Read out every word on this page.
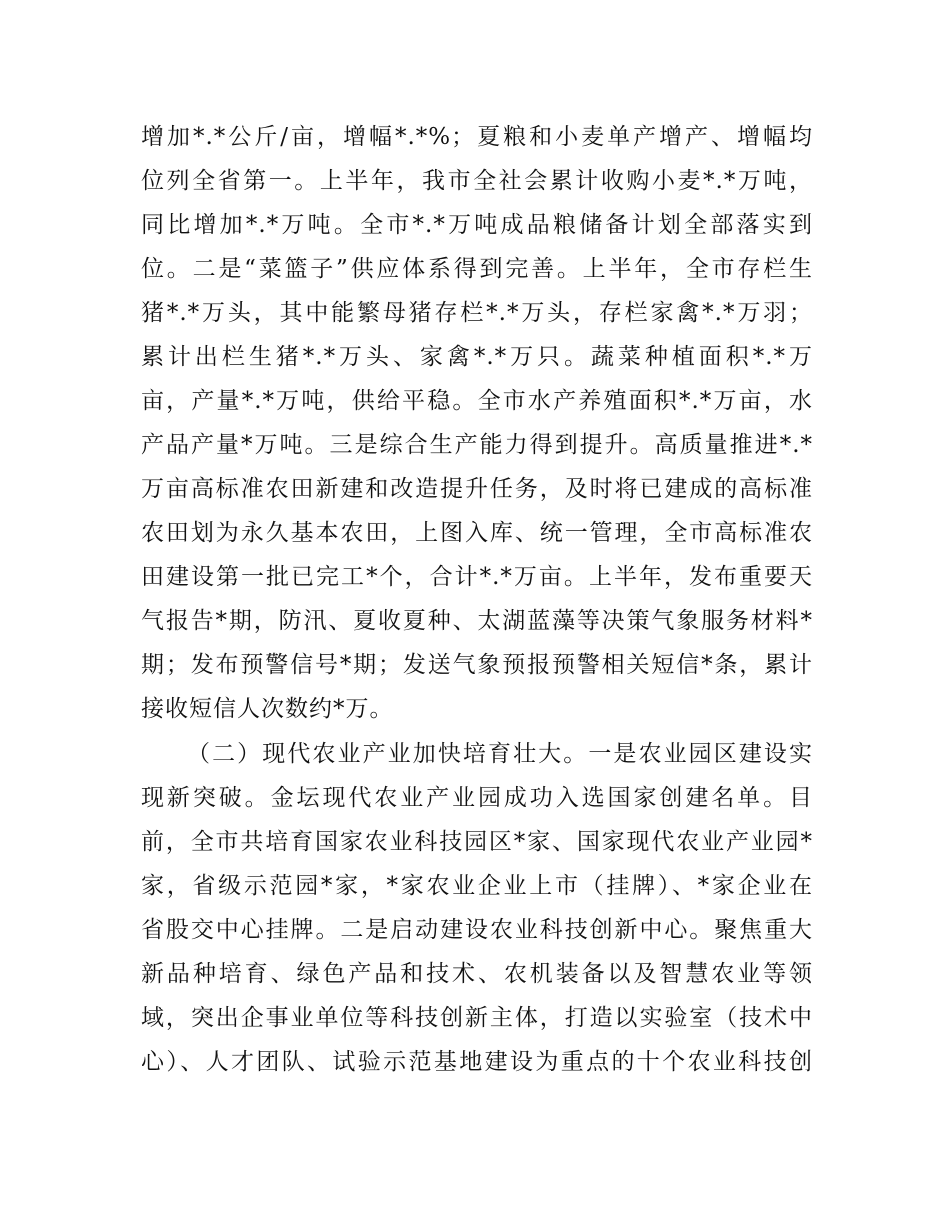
增加*.*公斤/亩，增幅*.*%；夏粮和小麦单产增产、增幅均
位列全省第一。上半年，我市全社会累计收购小麦*.*万吨，
同比增加*.*万吨。全市*.*万吨成品粮储备计划全部落实到
位。二是“菜篮子”供应体系得到完善。上半年，全市存栏生
猪*.*万头，其中能繁母猪存栏*.*万头，存栏家禽*.*万羽；
累计出栏生猪*.*万头、家禽*.*万只。蔬菜种植面积*.*万
亩，产量*.*万吨，供给平稳。全市水产养殖面积*.*万亩，水
产品产量*万吨。三是综合生产能力得到提升。高质量推进*.*
万亩高标准农田新建和改造提升任务，及时将已建成的高标准
农田划为永久基本农田，上图入库、统一管理，全市高标准农
田建设第一批已完工*个，合计*.*万亩。上半年，发布重要天
气报告*期，防汛、夏收夏种、太湖蓝藻等决策气象服务材料*
期；发布预警信号*期；发送气象预报预警相关短信*条，累计
接收短信人次数约*万。
（二）现代农业产业加快培育壮大。一是农业园区建设实
现新突破。金坛现代农业产业园成功入选国家创建名单。目
前，全市共培育国家农业科技园区*家、国家现代农业产业园*
家，省级示范园*家，*家农业企业上市（挂牌）、*家企业在
省股交中心挂牌。二是启动建设农业科技创新中心。聚焦重大
新品种培育、绿色产品和技术、农机装备以及智慧农业等领
域，突出企事业单位等科技创新主体，打造以实验室（技术中
心）、人才团队、试验示范基地建设为重点的十个农业科技创
